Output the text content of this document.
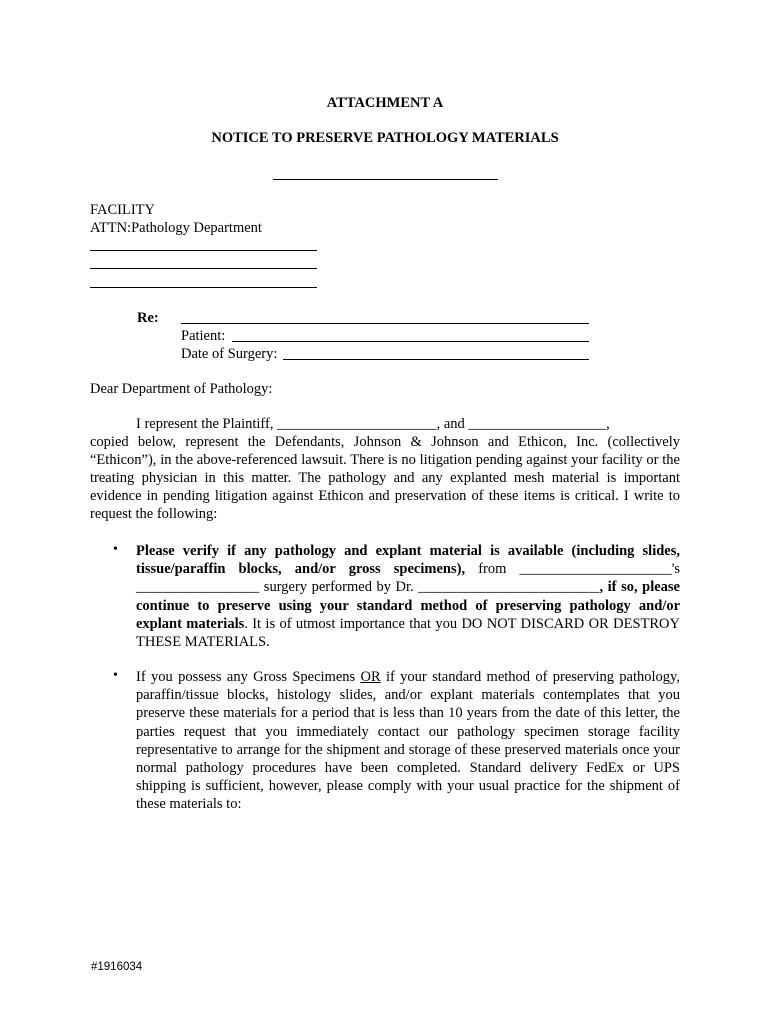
ATTACHMENT A
NOTICE TO PRESERVE PATHOLOGY MATERIALS
FACILITY
ATTN:Pathology Department
Re:
Patient:
Date of Surgery:
Dear Department of Pathology:
I represent the Plaintiff, ______________________, and ___________________,
copied below, represent the Defendants, Johnson & Johnson and Ethicon, Inc. (collectively “Ethicon”), in the above-referenced lawsuit. There is no litigation pending against your facility or the treating physician in this matter. The pathology and any explanted mesh material is important evidence in pending litigation against Ethicon and preservation of these items is critical. I write to request the following:
• Please verify if any pathology and explant material is available (including slides, tissue/paraffin blocks, and/or gross specimens), from _____________________'s _________________ surgery performed by Dr. _________________________, if so, please continue to preserve using your standard method of preserving pathology and/or explant materials. It is of utmost importance that you DO NOT DISCARD OR DESTROY THESE MATERIALS.
• If you possess any Gross Specimens OR if your standard method of preserving pathology, paraffin/tissue blocks, histology slides, and/or explant materials contemplates that you preserve these materials for a period that is less than 10 years from the date of this letter, the parties request that you immediately contact our pathology specimen storage facility representative to arrange for the shipment and storage of these preserved materials once your normal pathology procedures have been completed. Standard delivery FedEx or UPS shipping is sufficient, however, please comply with your usual practice for the shipment of these materials to:
#1916034
